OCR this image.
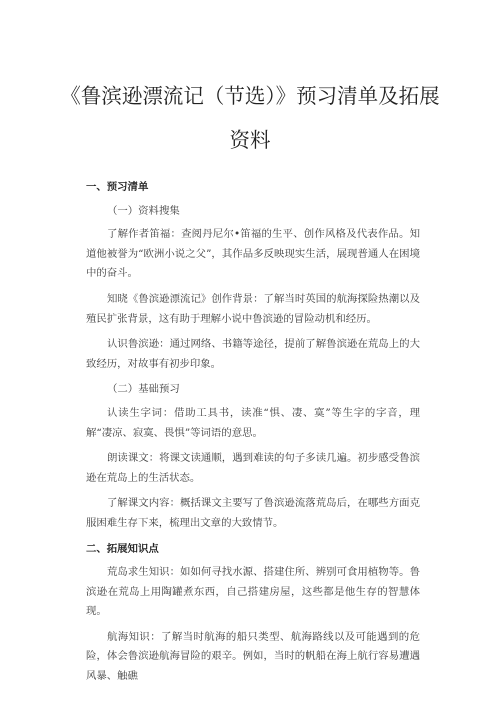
《鲁滨逊漂流记（节选）》预习清单及拓展资料
一、预习清单
（一）资料搜集

了解作者笛福：查阅丹尼尔•笛福的生平、创作风格及代表作品。知道他被誉为“欧洲小说之父”，其作品多反映现实生活，展现普通人在困境中的奋斗。

知晓《鲁滨逊漂流记》创作背景：了解当时英国的航海探险热潮以及殖民扩张背景，这有助于理解小说中鲁滨逊的冒险动机和经历。

认识鲁滨逊：通过网络、书籍等途径，提前了解鲁滨逊在荒岛上的大致经历，对故事有初步印象。

（二）基础预习

认读生字词：借助工具书，读准“惧、凄、寞”等生字的字音，理解“凄凉、寂寞、畏惧”等词语的意思。

朗读课文：将课文读通顺，遇到难读的句子多读几遍。初步感受鲁滨逊在荒岛上的生活状态。

了解课文内容：概括课文主要写了鲁滨逊流落荒岛后，在哪些方面克服困难生存下来，梳理出文章的大致情节。

二、拓展知识点

荒岛求生知识：如如何寻找水源、搭建住所、辨别可食用植物等。鲁滨逊在荒岛上用陶罐煮东西，自己搭建房屋，这些都是他生存的智慧体现。

航海知识：了解当时航海的船只类型、航海路线以及可能遇到的危险，体会鲁滨逊航海冒险的艰辛。例如，当时的帆船在海上航行容易遭遇风暴、触礁
